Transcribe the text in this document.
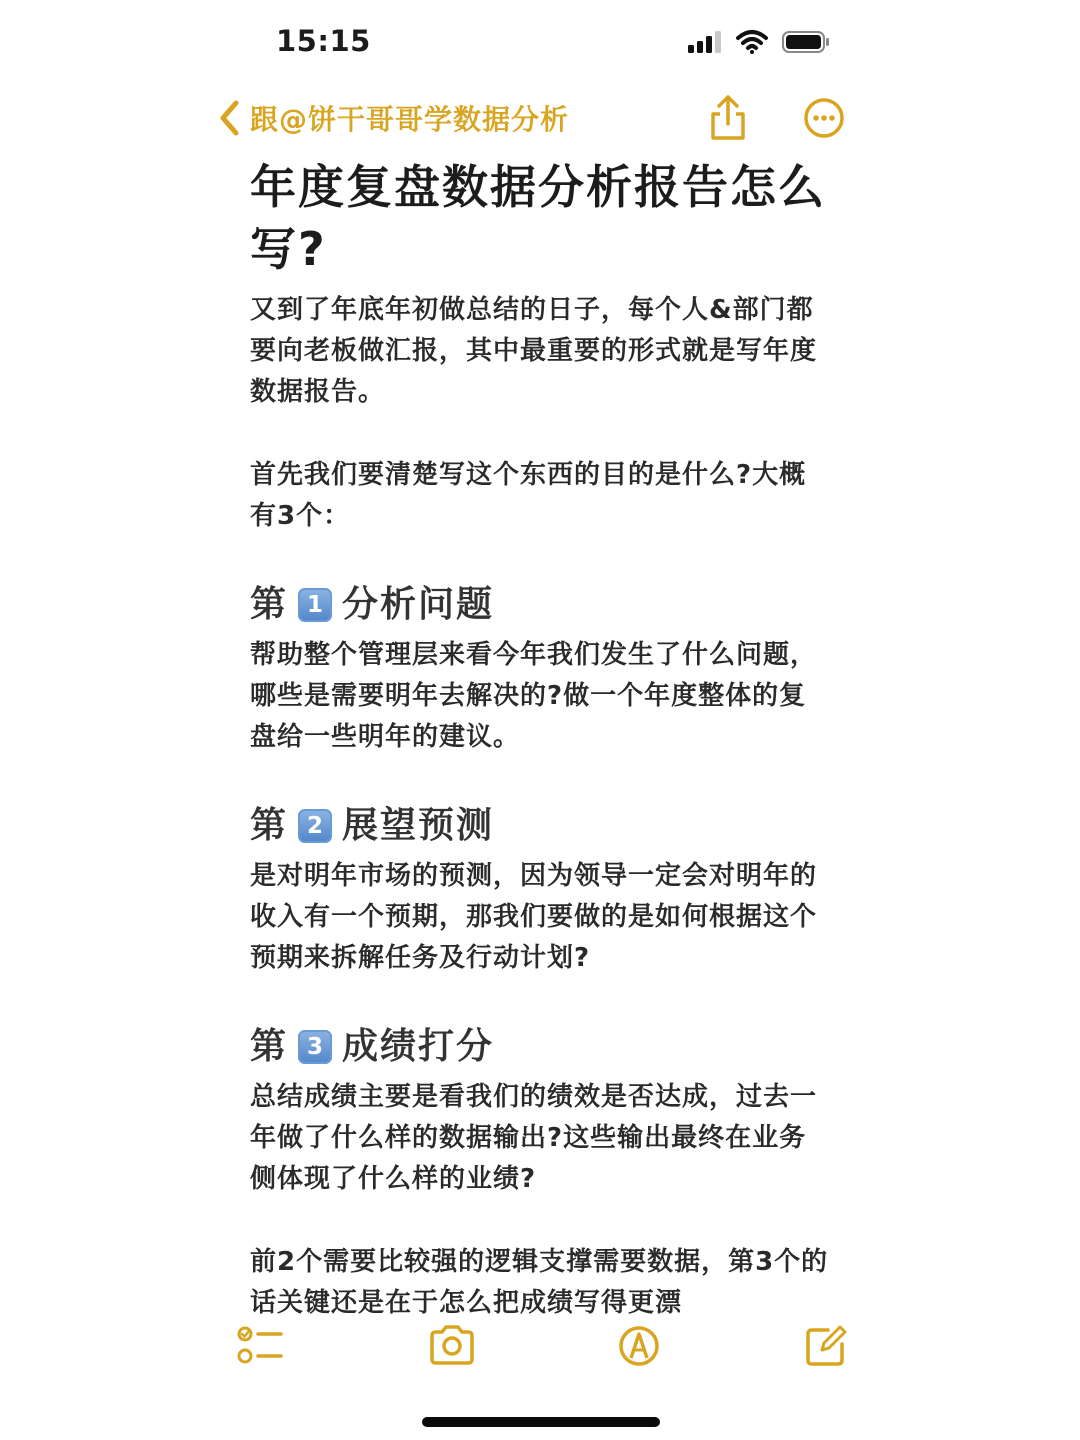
15:15
跟@饼干哥哥学数据分析
年度复盘数据分析报告怎么写?

又到了年底年初做总结的日子，每个人&部门都要向老板做汇报，其中最重要的形式就是写年度数据报告。

首先我们要清楚写这个东西的目的是什么?大概有3个：

第 1 分析问题

帮助整个管理层来看今年我们发生了什么问题，哪些是需要明年去解决的?做一个年度整体的复盘给一些明年的建议。

第 2 展望预测

是对明年市场的预测，因为领导一定会对明年的收入有一个预期，那我们要做的是如何根据这个预期来拆解任务及行动计划?

第 3 成绩打分

总结成绩主要是看我们的绩效是否达成，过去一年做了什么样的数据输出?这些输出最终在业务侧体现了什么样的业绩?

前2个需要比较强的逻辑支撑需要数据，第3个的话关键还是在于怎么把成绩写得更漂
